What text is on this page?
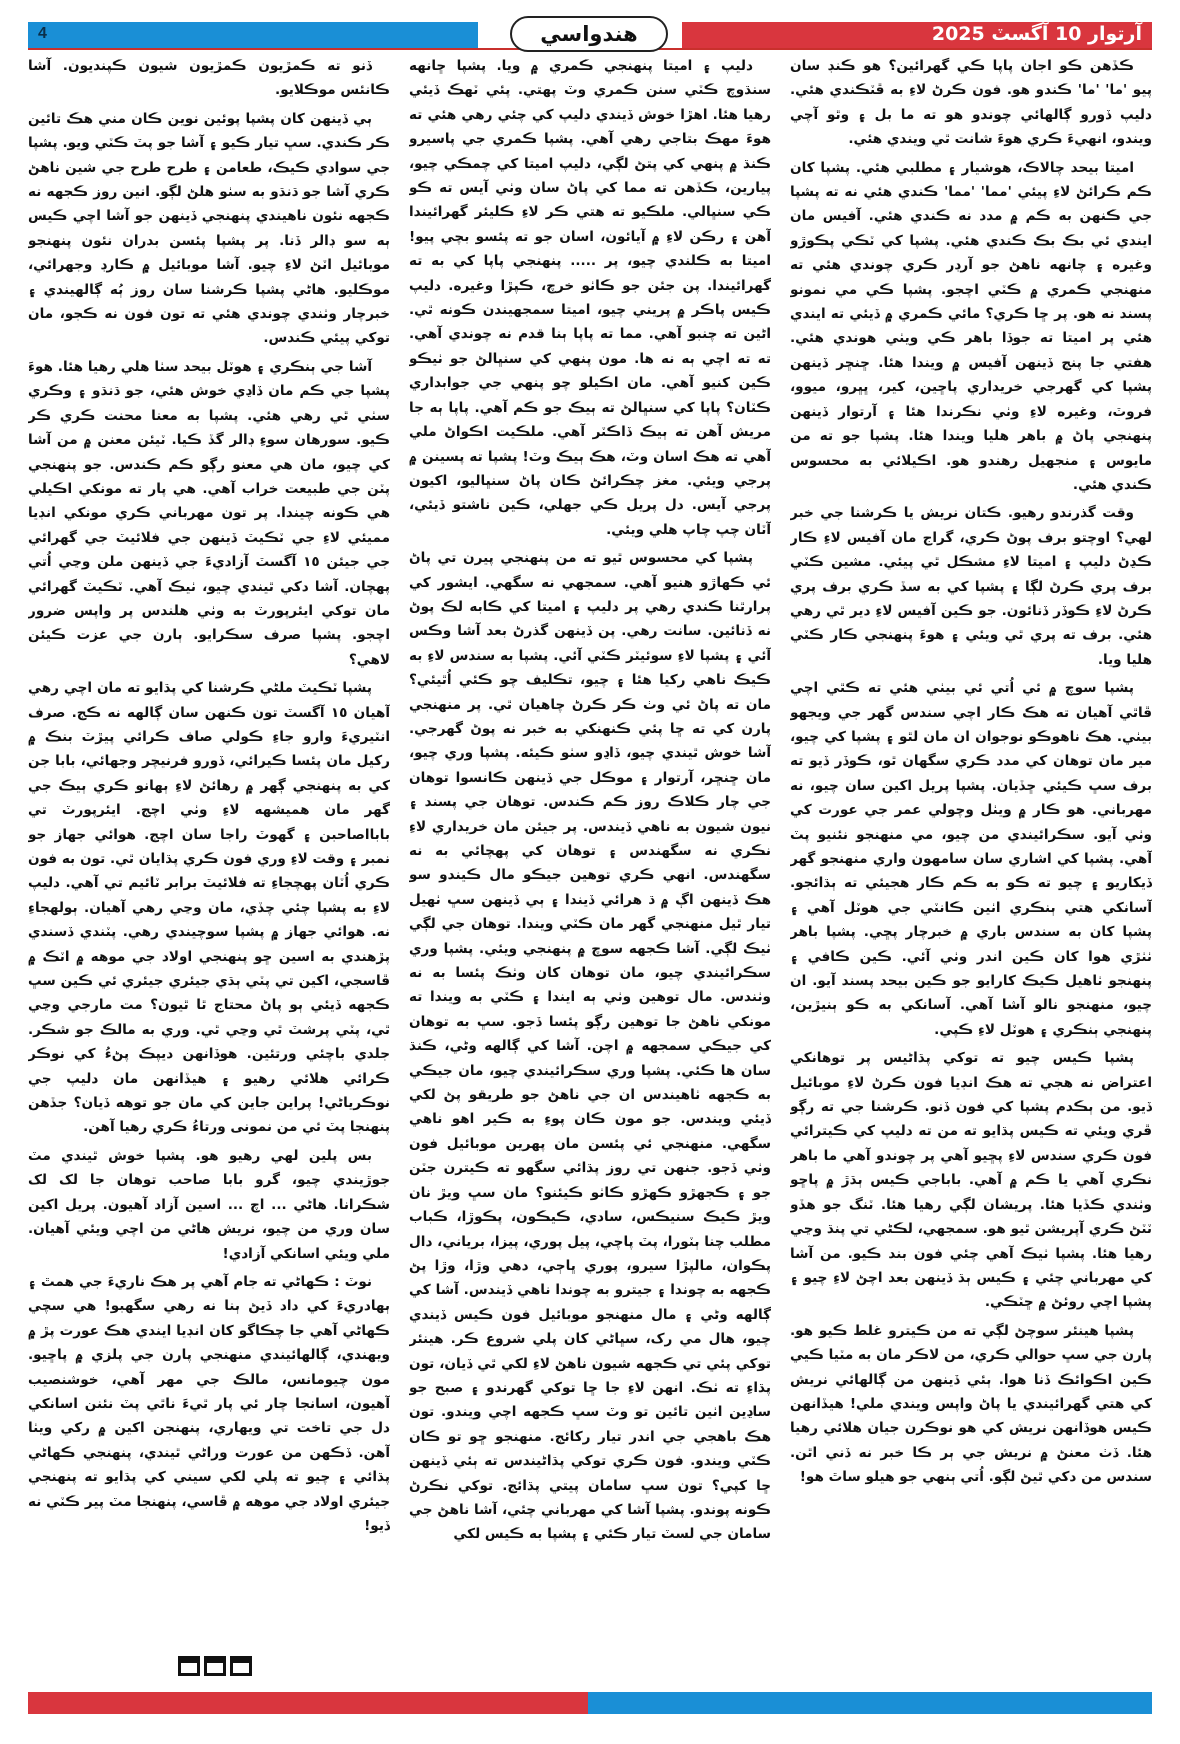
4	آرتوار 10 آگسٽ 2025
هندواسي

ڪڏهن ڪو اجان پاپا ڪي گهرائين؟ هو ڪنڊ سان پيو 'ما' 'ما' ڪندو هو. فون ڪرڻ لاءِ به ڦٽڪندي هئي. دليپ ڏورو ڳالهائي چوندو هو ته ما بل ۽ وٿو آچي ويندو، انهيءَ ڪري هوءَ شانت ٿي ويندي هئي.

اميتا بيحد چالاڪ، هوشيار ۽ مطلبي هئي. پشپا کان ڪم ڪرائڻ لاءِ پيئي 'مما' 'مما' ڪندي هئي نه ته پشپا جي ڪنهن به ڪم ۾ مدد نه ڪندي هئي. آفيس مان ايندي ئي بڪ بڪ ڪندي هئي. پشپا کي ٽڪي پڪوڙو وغيره ۽ چانهه ناهڻ جو آرڊر ڪري چوندي هئي ته منهنجي ڪمري ۾ ڪٽي اچجو. پشپا ڪي مي نمونو پسند نه هو. پر ڇا ڪري؟ مائي ڪمري ۾ ڏيئي ته ايندي هئي پر اميتا ته جوڏا باهر ڪي ويٺي هوندي هئي. هفتي جا پنج ڏينهن آفيس ۾ ويندا هئا. ڇنڇر ڏينهن پشپا کي گهرجي خريداري پاڇين، کير، ڀڀرو، ميوو، فروٽ، وغيره لاءِ وٺي نڪرندا هئا ۽ آرتوار ڏينهن پنهنجي پاڻ ۾ باهر هليا ويندا هئا. پشپا جو ته من مايوس ۽ منجهيل رهندو هو. اڪيلائي به محسوس ڪندي هئي.

وقت گذرندو رهيو. ڪتان نريش يا ڪرشنا جي خبر لهي؟ اوچتو برف پوڻ ڪري، گراج مان آفيس لاءِ ڪار ڪڍڻ دليپ ۽ اميتا لاءِ مشڪل ٿي پيئي. مشين ڪٽي برف پري ڪرڻ لڳا ۽ پشپا کي به سڏ ڪري برف پري ڪرڻ لاءِ ڪوڏر ڏنائون. جو ڪين آفيس لاءِ دير ٿي رهي هئي. برف ته پري ٿي ويئي ۽ هوءَ پنهنجي ڪار ڪٽي هليا ويا.

پشپا سوچ ۾ ئي اُتي ئي بيٺي هئي ته ڪٿي اچي ڦاٿي آهيان ته هڪ ڪار اچي سندس گهر جي ويجهو بيٺي. هڪ ناهوڪو نوجوان ان مان لٿو ۽ پشپا کي چيو، مير مان توهان کي مدد ڪري سگهان ٿو، ڪوڏر ڏيو ته برف سڀ ڪيئي ڇڏيان. پشپا پريل اکين سان چيو، نه مهرباني. هو ڪار ۾ ويٺل وچولي عمر جي عورت کي وٺي آيو. سڪرائيندي من چيو، مي منهنجو نئنيو پٽ آهي. پشپا کي اشاري سان سامهون واري منهنجو گهر ڏيکاريو ۽ چيو ته ڪو به ڪم ڪار هجيئي ته ٻڌائجو. آسانکي هتي ٻنڪري اٺين ڪانٽي جي هوٽل آهي ۽ پشپا کان به سندس باري ۾ خبرچار پڇي. پشپا باهر ٺٺڙي هوا کان ڪين اندر وٺي آئي. ڪين ڪافي ۽ پنهنجو ٺاهيل ڪيڪ کارايو جو ڪين بيحد پسند آيو. ان چيو، منهنجو نالو آشا آهي. آسانکي به ڪو ٻنيڙين، پنهنجي ٻنڪري ۽ هوٽل لاءِ ڪپي.

پشپا ڪيس چيو ته توکي پڌاڻيس پر توهانکي اعتراض نه هجي ته هڪ انڊيا فون ڪرڻ لاءِ موبائيل ڏيو. من ٻڪدم پشپا کي فون ڏنو. ڪرشنا جي ته رڳو ڦري ويئي ته ڪيس پڌايو ته من ته دليپ کي ڪيترائي فون ڪري سندس لاءِ پڇيو آهي پر چوندو آهي ما باهر نڪري آهي يا ڪم ۾ آهي. باباجي ڪيس ٻڌڙ ۾ پاڇو وٺندي ڪڏيا هئا. پريشان لڳي رهيا هئا. ٽنگ جو هڏو ٽٽڻ ڪري آپريشن ٿيو هو. سمجهي، لڪڻي تي پنڌ وڃي رهيا هئا. پشپا ٺيڪ آهي چئي فون بند ڪيو. من آشا کي مهرباني چئي ۽ ڪيس ٻڌ ڏينهن بعد اچڻ لاءِ چيو ۽ پشپا اچي روئڻ ۾ ڇٽڪي.

پشپا هينئر سوچڻ لڳي ته من ڪيترو غلط ڪيو هو. پارن جي سڀ حوالي ڪري، من لاڪر مان به مٽيا ڪيي ڪين اڪوائڪ ڏنا هوا. ٻئي ڏينهن من ڳالهائي نريش کي هتي گهرائيندي يا پاڻ واپس ويندي ملي! هيڏانهن ڪيس هوڏانهن نريش کي هو نوڪرن جيان هلائي رهيا هئا. ڏٺ معنڻ ۾ نريش جي ٻر ڪا خبر نه ڏني اٿن. سندس من دکي ٿيڻ لڳو. اُتي ٻنهي جو هيلو ساٿ هو!

دليپ ۽ اميتا پنهنجي ڪمري ۾ ويا. پشپا ڇانهه سنڌوچ ڪٽي سنن ڪمري وٽ پهتي. پئي ٽهڪ ڏيئي رهيا هئا. اهڙا خوش ڏيندي دليپ کي چئي رهي هئي ته هوءَ مهڪ بتاجي رهي آهي. پشپا ڪمري جي پاسيرو ڪنڌ ۾ پنهي کي پتڻ لڳي، دليپ اميتا کي چمڪي چيو، پيارين، ڪڏهن ته مما کي پاڻ سان وٺي آيس ته ڪو ڪي سنڀالي. ملڪيو ته هتي ڪر لاءِ ڪليئر گهرائيندا آهن ۽ رڪن لاءِ ۾ آيائون، اسان جو ته پئسو بچي پيو! اميتا به ڪلندي چيو، پر ..... پنهنجي پاپا کي به ته گهرائيندا. پن جئن جو ڪاٺو خرچ، ڪپڙا وغيره. دليپ ڪيس پاڪر ۾ پريني چيو، اميتا سمجهيندن ڪونه ٿي. اڻين ته چنبو آهي. مما ته پاپا ٻنا قدم نه چوندي آهي. ته ته اچي ٻه نه ها. مون پنهي کي سنڀالڻ جو ٺيڪو ڪين کنيو آهي. مان اڪيلو چو پنهي جي جوابداري ڪٽان؟ پاپا کي سنڀالڻ ته ٻيڪ جو ڪم آهي. پاپا ٻه جا مريش آهن ته ٻيڪ ڏاڪٽر آهي. ملڪيت اڪواڻ ملي آهي ته هڪ اسان وٽ، هڪ ٻيڪ وٽ! پشپا ته پسينن ۾ پرجي ويئي. مغز چڪرائڻ ڪان پاڻ سنڀاليو، اکيون پرجي آيس. دل پريل ڪي جهلي، ڪين ناشتو ڏيئي، آٽان چپ چاپ هلي ويئي.

پشپا کي محسوس ٿيو ته من پنهنجي پيرن تي پاڻ ئي ڪهاڙو هنيو آهي. سمجهي نه سگهي. ايشور کي پرارٿنا ڪندي رهي پر دليپ ۽ اميتا کي ڪابه لڪ پوڻ نه ڏنائين. سانت رهي. پن ڏينهن گذرڻ بعد آشا وڪس آئي ۽ پشپا لاءِ سوئيٽر ڪٽي آئي. پشپا به سندس لاءِ به ڪيڪ ناهي رکيا هئا ۽ چيو، تڪليف چو ڪئي اُٿيئي؟ مان ته پاڻ ئي وٺ ڪر ڪرڻ چاهيان ٿي. پر منهنجي پارن کي ته ڇا پئي ڪنهنکي به خبر نه پوڻ گهرجي. آشا خوش ٿيندي چيو، ڏاڍو سٺو ڪيئه. پشپا وري چيو، مان ڇنڇر، آرتوار ۽ موڪل جي ڏينهن ڪانسوا توهان جي چار ڪلاڪ روز ڪم ڪندس. توهان جي پسند ۽ نيون شيون به ناهي ڏيندس. پر جيئن مان خريداري لاءِ نڪري نه سگهندس ۽ توهان کي پهچائي به نه سگهندس. انهي ڪري توهين جيڪو مال ڪيندو سو هڪ ڏينهن اڳ ۾ ڌ هرائي ڏيندا ۽ ٻي ڏينهن سڀ ٺهيل تيار ٿيل منهنجي گهر مان ڪٽي ويندا. توهان جي لڳي ٺيڪ لڳي. آشا ڪجهه سوچ ۾ پنهنجي ويئي. پشپا وري سڪرائيندي چيو، مان توهان کان وٺڪ پئسا به نه وٺندس. مال توهين وٺي ٻه ايندا ۽ ڪٽي به ويندا ته مونکي ناهڻ جا توهين رڳو پئسا ڏجو. سڀ به توهان کي جيڪي سمجهه ۾ اچن. آشا کي ڳالهه وڻي، ڪنڌ سان ها ڪئي. پشپا وري سڪرائيندي چيو، مان جيڪي به ڪجهه ٺاهيندس ان جي ناهڻ جو طريقو پڻ لکي ڏيئي ويندس. جو مون ڪان پوءِ به ڪير اهو ناهي سگهي. منهنجي ئي پئسن مان پهرين موبائيل فون وٺي ڏجو. جنهن تي روز پڌائي سگهو ته ڪيترن جٽن جو ۽ ڪجهڙو ڪهڙو ڪاٺو ڪيئنو؟ مان سڀ ويڙ نان ويڙ ڪيڪ سنيڪس، سادي، ڪيڪون، پڪوڙا، ڪباب مطلب چنا ٻٽورا، پٽ پاچي، پيل پوري، پيزا، برياني، دال پڪوان، مالپڙا سيرو، پوري ڀاڄي، دهي وڙا، وڙا پڻ ڪجهه به چوندا ۽ جيترو به چوندا ناهي ڏيندس. آشا کي ڳالهه وڻي ۽ مال منهنجو موبائيل فون ڪيس ڏيندي چيو، هال مي رک، سڀاڻي کان پلي شروع ڪر. هينئر توکي پئي تي ڪجهه شيون ناهڻ لاءِ لکي ٿي ڏيان، تون پڌاءِ ته ٺڪ. انهن لاءِ جا ڇا توکي گهرندو ۽ صبح جو ساڍين اٺين تائين تو وٽ سڀ ڪجهه اچي ويندو. تون هڪ باهجي جي اندر تيار رکائج. منهنجو ڇو تو ڪان ڪٽي ويندو. فون ڪري توکي پڌاڻيندس ته ٻئي ڏينهن ڇا کپي؟ تون سڀ سامان پيتي پڌائج. توکي نڪرڻ ڪونه پوندو. پشپا آشا کي مهرباني چئي، آشا ناهڻ جي سامان جي لسٽ تيار ڪئي ۽ پشپا به ڪيس لکي

ڏنو ته ڪمڙيون ڪمڙيون شيون ڪپنديون. آشا ڪانئس موڪلايو.

ٻي ڏينهن کان پشپا پوئين نوين ڪان مني هڪ تائين ڪر ڪندي. سڀ تيار ڪيو ۽ آشا جو پٽ ڪٽي ويو. پشپا جي سوادي ڪيڪ، طعامن ۽ طرح طرح جي شين ناهڻ ڪري آشا جو ڌنڌو به سٺو هلڻ لڳو. انين روز ڪجهه نه ڪجهه نئون ناهيندي پنهنجي ڏينهن جو آشا اچي ڪيس ٻه سو ڊالر ڏنا. پر پشپا پئسن بدران نئون پنهنجو موبائيل اٽڻ لاءِ چيو. آشا موبائيل ۾ ڪارڊ وجهرائي، موڪليو. هاڻي پشپا ڪرشنا سان روز ٻُه ڳالهيندي ۽ خبرچار وٺندي چوندي هئي ته تون فون نه ڪجو، مان توکي پيئي ڪندس.

آشا جي ٻنڪري ۽ هوٽل بيحد سٺا هلي رهيا هئا. هوءَ پشپا جي ڪم مان ڏاڍي خوش هئي، جو ڌنڌو ۽ وڪري سٺي ٿي رهي هئي. پشپا به معنا محنت ڪري ڪر ڪيو. سورهان سوءِ ڊالر گڏ ڪيا. ٽيئن معنن ۾ من آشا کي چيو، مان هي معنو رڳو ڪم ڪندس. جو پنهنجي پٽن جي طبيعت خراب آهي. هي پار ته مونکي اڪيلي هي ڪونه چيندا. پر تون مهرباني ڪري مونکي انڊيا مميئي لاءِ جي ٽڪيٽ ڏينهن جي فلائيٽ جي گهرائي جي جيئن ١٥ آگسٽ آزاديءَ جي ڏينهن ملن وڃي اُتي پهچان. آشا دکي ٿيندي چيو، ٺيڪ آهي. ٽڪيٽ گهرائي مان توکي ايئرپورٽ به وٺي هلندس پر واپس ضرور اچجو. پشپا صرف سڪرايو. ٻارن جي عزت ڪيئن لاهي؟

پشپا ٽڪيٽ ملڻي ڪرشنا کي پڌايو ته مان اچي رهي آهيان ١٥ آگسٽ تون ڪنهن سان ڳالهه نه ڪج. صرف انٽيريءَ وارو جاءِ ڪولي صاف ڪرائي پيڙٽ بنڪ ۾ رکيل مان پئسا ڪيرائي، ڏورو فرنيچر وجهائي، بابا جن کي به پنهنجي ڳهر ۾ رهائڻ لاءِ ٻهانو ڪري ٻيڪ جي گهر مان هميشهه لاءِ وٺي اچج. ايئرپورٽ تي بابااصاحبن ۽ گهوٽ راجا سان اچج. هوائي جهاز جو نمبر ۽ وقت لاءِ وري فون ڪري پڌايان ٿي. تون به فون ڪري اُٽان پهچجاءِ ته فلائيٽ برابر ٽائيم تي آهي. دليپ لاءِ به پشپا چئي چڏي، مان وڃي رهي آهيان. ٻولهجاءِ نه. هوائي جهاز ۾ پشپا سوچيندي رهي. پٽندي ڏسندي پڙهندي به اسين ڇو پنهنجي اولاد جي موهه ۾ اٽڪ ۾ ڦاسجي، اکين تي پٽي ٻڌي جيئري جيئري ئي ڪين سڀ ڪجهه ڏيئي ٻو پاڻ محتاج ٿا ٿيون؟ مت مارجي وڃي ٿي، پٽي پرشٽ ٿي وڃي ٿي. وري به مالڪ جو شڪر. جلدي باچئي ورتئين. هوڏانهن ديپڪ پڻءُ کي نوڪر ڪرائي هلائي رهيو ۽ هيڏانهن مان دليپ جي نوڪرياڻي! پراين جاين کي مان جو توهه ڏيان؟ جڏهن پنهنجا پٽ ئي من نمونی ورتاءُ ڪري رهيا آهن.

بس پلين لهي رهيو هو. پشپا خوش ٿيندي مٽ جوڙيندي چيو، گرو بابا صاحب توهان جا لک لک شڪرانا. هاڻي ... اچ ... اسين آزاد آهيون. پريل اکين سان وري من چيو، نريش هاڻي من اچي ويئي آهيان. ملي ويئي اسانکي آزادي!

نوٽ : ڪهاڻي ته جام آهي پر هڪ ناريءَ جي همٿ ۽ ٻهادريءَ کي داد ڏيڻ ٻنا نه رهي سگهبو! هي سچي ڪهاڻي آهي جا چڪاگو کان انڊيا ايندي هڪ عورت پڙ ۾ ويهندي، ڳالهائيندي منهنجي پارن جي پلزي ۾ پاڇيو. مون چيومانس، مالڪ جي مهر آهي، خوشنصيب آهيون، اسانجا چار ئي پار ٿيءَ ناٿي پٽ نئنن اسانکي دل جي تاخت تي ويهاري، پنهنجن اکين ۾ رکي ويٺا آهن. ڏڪهن من عورت وراڻي ٿيندي، پنهنجي ڪهاڻي پڌائي ۽ چيو ته پلي لکي سيني کي پڌايو ته پنهنجي جيئري اولاد جي موهه ۾ ڦاسي، پنهنجا مٽ پير ڪٽي نه ڏيو!
